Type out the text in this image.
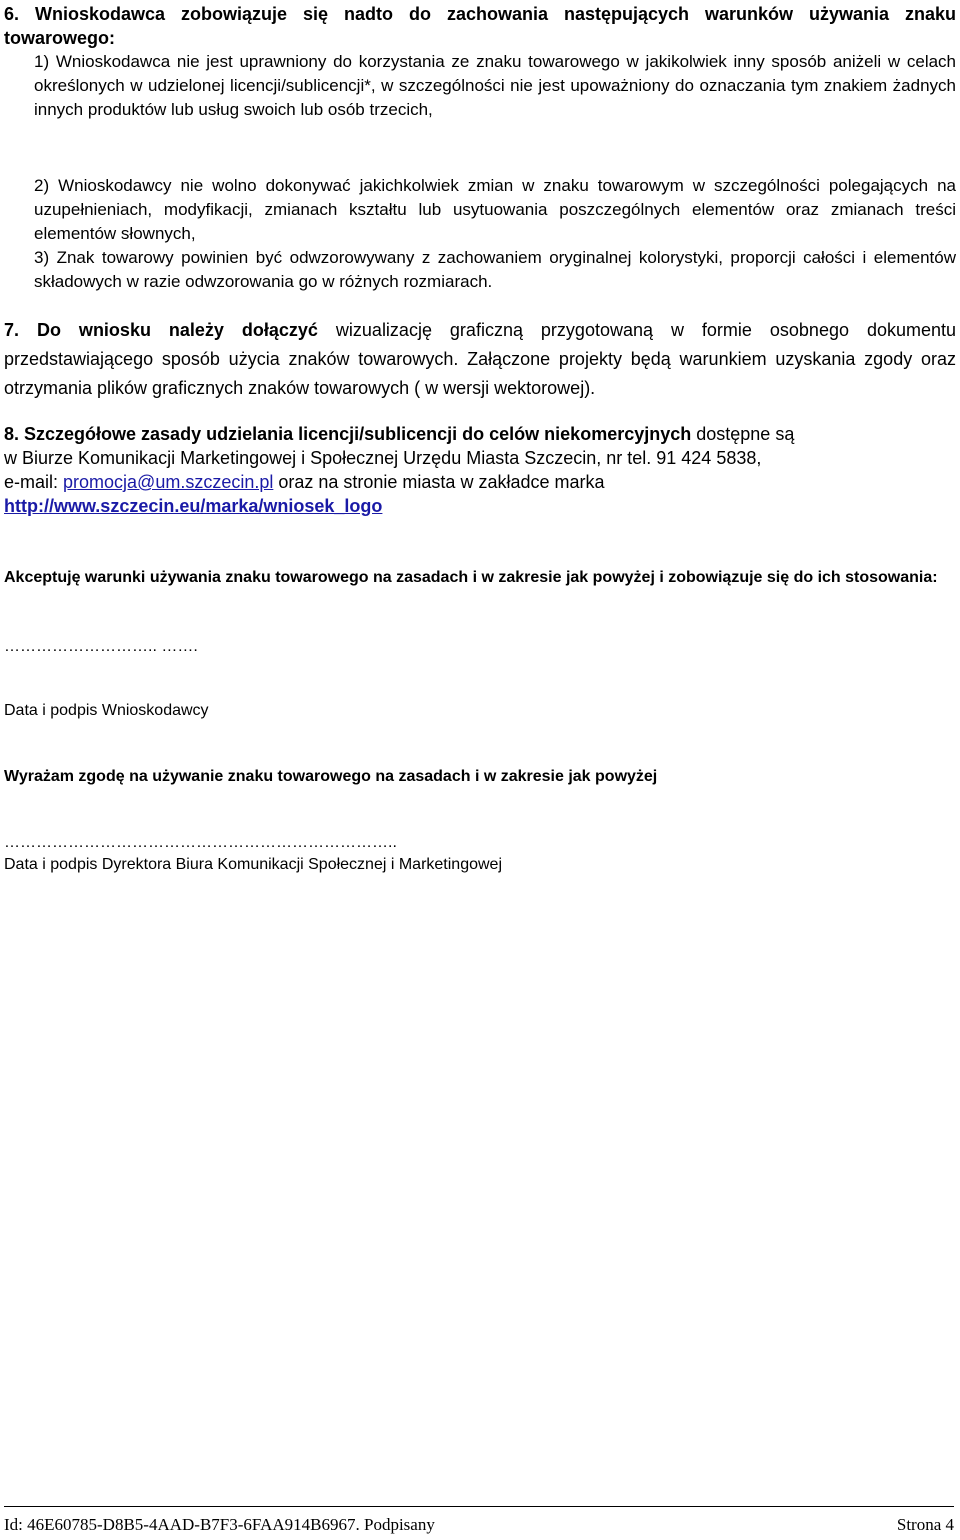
6. Wnioskodawca zobowiązuje się nadto do zachowania następujących warunków używania znaku towarowego:
1) Wnioskodawca nie jest uprawniony do korzystania ze znaku towarowego w jakikolwiek inny sposób aniżeli w celach określonych w udzielonej licencji/sublicencji*, w szczególności nie jest upoważniony do oznaczania tym znakiem żadnych innych produktów lub usług swoich lub osób trzecich,
2) Wnioskodawcy nie wolno dokonywać jakichkolwiek zmian w znaku towarowym w szczególności polegających na uzupełnieniach, modyfikacji, zmianach kształtu lub usytuowania poszczególnych elementów oraz zmianach treści elementów słownych,
3) Znak towarowy powinien być odwzorowywany z zachowaniem oryginalnej kolorystyki, proporcji całości i elementów składowych w razie odwzorowania go w różnych rozmiarach.
7. Do wniosku należy dołączyć wizualizację graficzną przygotowaną w formie osobnego dokumentu przedstawiającego sposób użycia znaków towarowych. Załączone projekty będą warunkiem uzyskania zgody oraz otrzymania plików graficznych znaków towarowych ( w wersji wektorowej).
8. Szczegółowe zasady udzielania licencji/sublicencji do celów niekomercyjnych dostępne są
w Biurze Komunikacji Marketingowej i Społecznej Urzędu Miasta Szczecin, nr tel. 91 424 5838,
e-mail: promocja@um.szczecin.pl oraz na stronie miasta w zakładce marka
http://www.szczecin.eu/marka/wniosek_logo
Akceptuję warunki używania znaku towarowego na zasadach i w zakresie jak powyżej i zobowiązuje się do ich stosowania:
……………………….. …….
Data i podpis Wnioskodawcy
Wyrażam zgodę na używanie znaku towarowego na zasadach i w zakresie jak powyżej
………………………………………………………………..
Data i podpis Dyrektora Biura Komunikacji Społecznej i Marketingowej
Id: 46E60785-D8B5-4AAD-B7F3-6FAA914B6967. Podpisany	Strona 4
